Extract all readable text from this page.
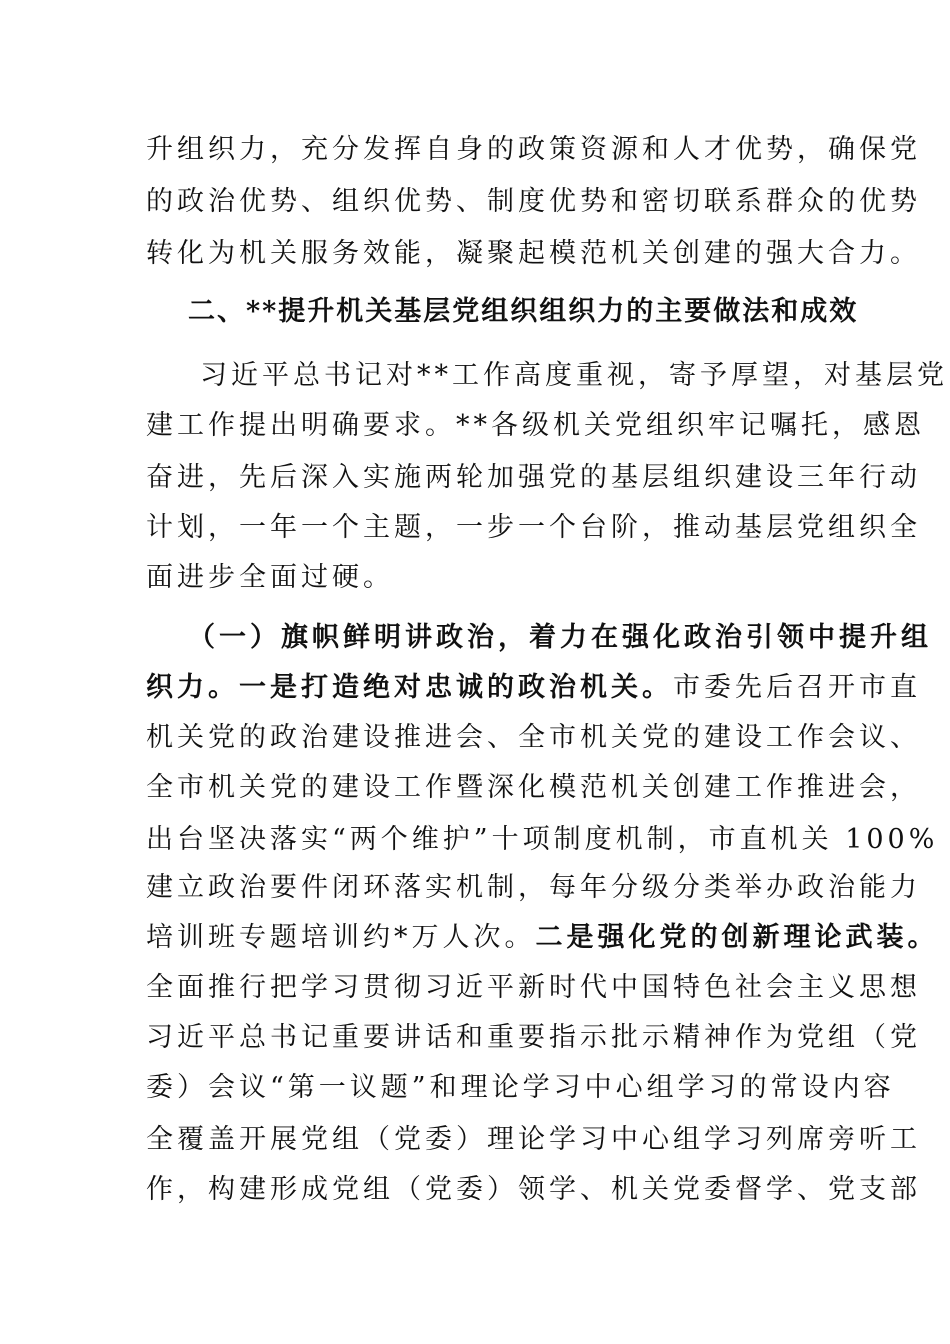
升组织力，充分发挥自身的政策资源和人才优势，确保党
的政治优势、组织优势、制度优势和密切联系群众的优势
转化为机关服务效能，凝聚起模范机关创建的强大合力。
二、**提升机关基层党组织组织力的主要做法和成效
习近平总书记对**工作高度重视，寄予厚望，对基层党
建工作提出明确要求。**各级机关党组织牢记嘱托，感恩
奋进，先后深入实施两轮加强党的基层组织建设三年行动
计划，一年一个主题，一步一个台阶，推动基层党组织全
面进步全面过硬。
（一）旗帜鲜明讲政治，着力在强化政治引领中提升组
织力。一是打造绝对忠诚的政治机关。市委先后召开市直
机关党的政治建设推进会、全市机关党的建设工作会议、
全市机关党的建设工作暨深化模范机关创建工作推进会，
出台坚决落实“两个维护”十项制度机制，市直机关 100%
建立政治要件闭环落实机制，每年分级分类举办政治能力
培训班专题培训约*万人次。二是强化党的创新理论武装。
全面推行把学习贯彻习近平新时代中国特色社会主义思想
习近平总书记重要讲话和重要指示批示精神作为党组（党
委）会议“第一议题”和理论学习中心组学习的常设内容
全覆盖开展党组（党委）理论学习中心组学习列席旁听工
作，构建形成党组（党委）领学、机关党委督学、党支部
